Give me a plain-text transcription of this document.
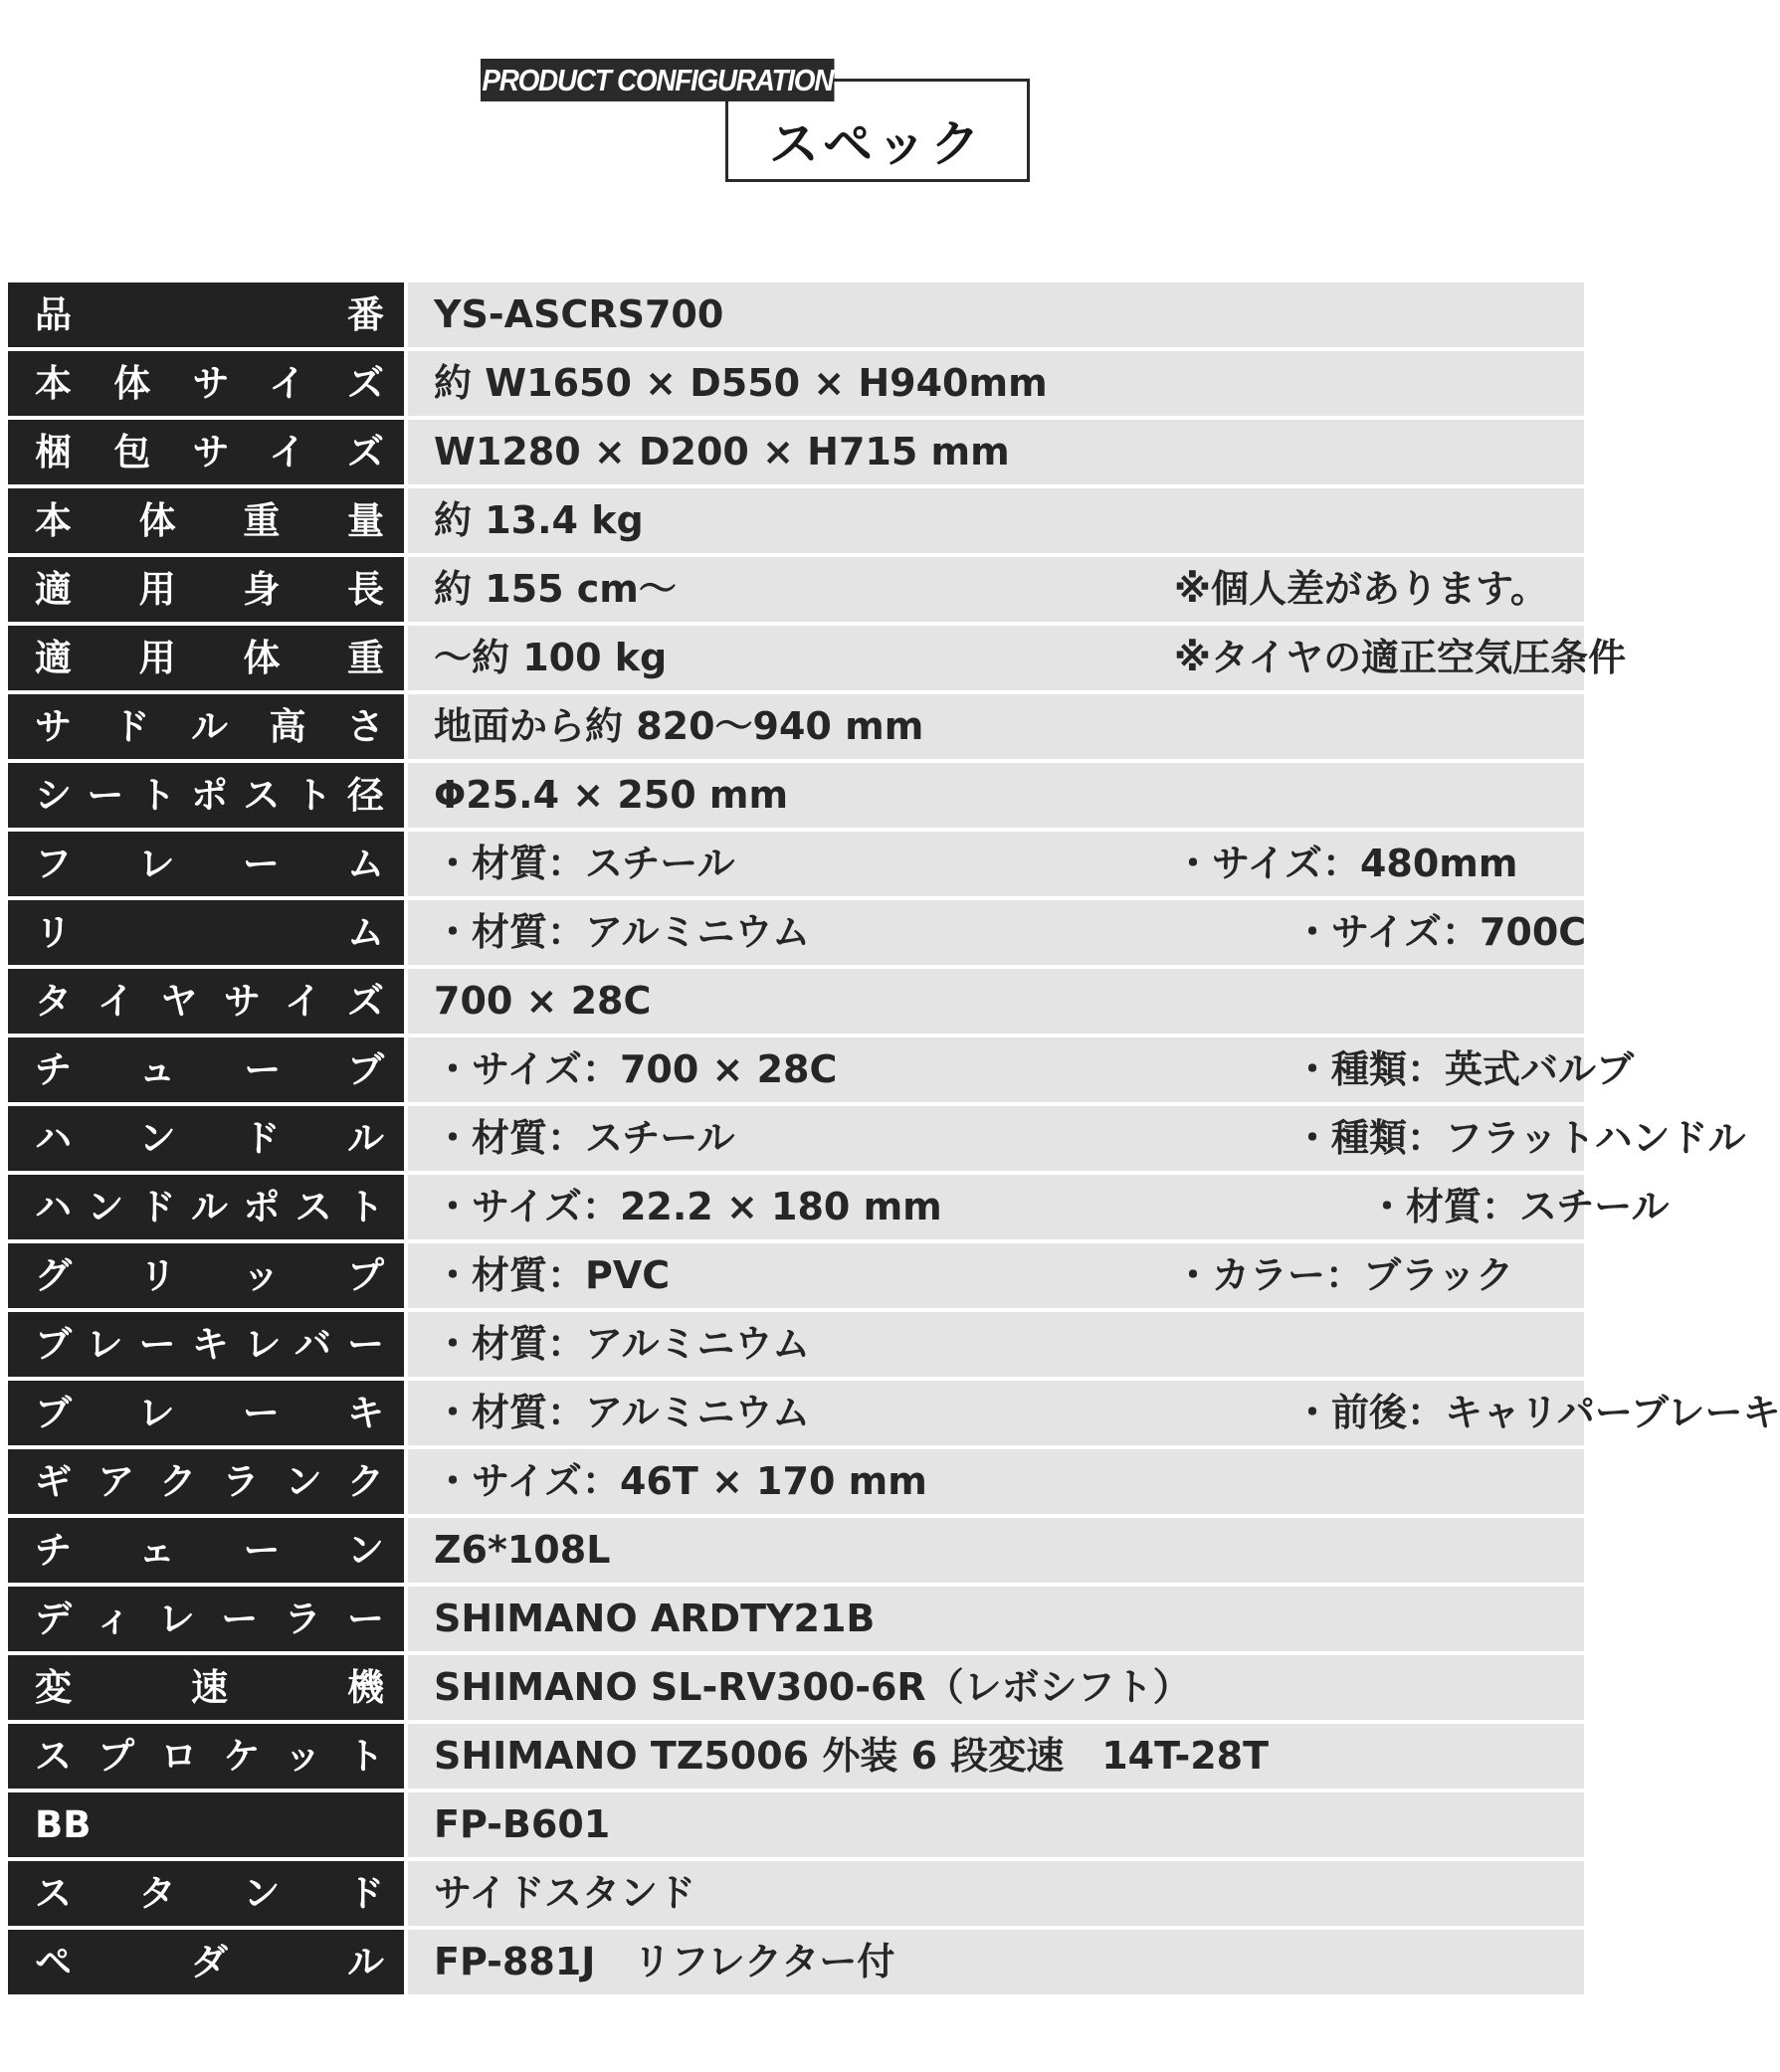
PRODUCT CONFIGURATION
スペック
品番	YS-ASCRS700
本体サイズ	約 W1650 × D550 × H940mm
梱包サイズ	W1280 × D200 × H715 mm
本体重量	約 13.4 kg
適用身長	約 155 cm〜	※個人差があります。
適用体重	〜約 100 kg	※タイヤの適正空気圧条件
サドル高さ	地面から約 820〜940 mm
シートポスト径	Φ25.4 × 250 mm
フレーム	・材質：スチール	・サイズ：480mm
リム	・材質：アルミニウム	・サイズ：700C
タイヤサイズ	700 × 28C
チューブ	・サイズ：700 × 28C	・種類：英式バルブ
ハンドル	・材質：スチール	・種類：フラットハンドル
ハンドルポスト	・サイズ：22.2 × 180 mm	・材質：スチール
グリップ	・材質：PVC	・カラー：ブラック
ブレーキレバー	・材質：アルミニウム
ブレーキ	・材質：アルミニウム	・前後：キャリパーブレーキ
ギアクランク	・サイズ：46T × 170 mm
チェーン	Z6*108L
ディレーラー	SHIMANO ARDTY21B
変速機	SHIMANO SL-RV300-6R（レボシフト）
スプロケット	SHIMANO TZ5006 外装 6 段変速　14T-28T
BB	FP-B601
スタンド	サイドスタンド
ペダル	FP-881J　リフレクター付
